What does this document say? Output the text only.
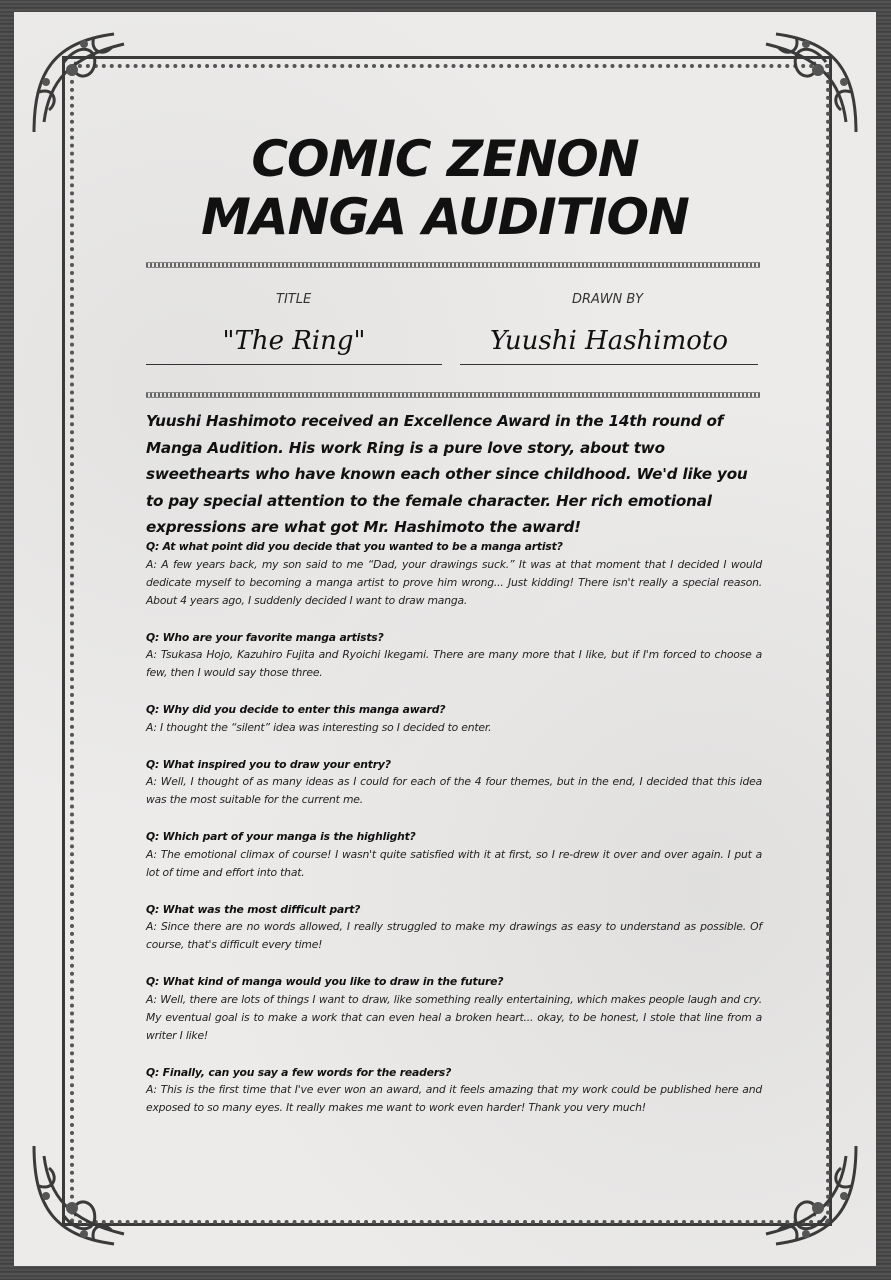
COMIC ZENON
MANGA AUDITION
TITLE	DRAWN BY
"The Ring"	Yuushi Hashimoto

Yuushi Hashimoto received an Excellence Award in the 14th round of Manga Audition. His work Ring is a pure love story, about two sweethearts who have known each other since childhood. We'd like you to pay special attention to the female character. Her rich emotional expressions are what got Mr. Hashimoto the award!

Q: At what point did you decide that you wanted to be a manga artist?
A: A few years back, my son said to me “Dad, your drawings suck.” It was at that moment that I decided I would dedicate myself to becoming a manga artist to prove him wrong... Just kidding! There isn't really a special reason. About 4 years ago, I suddenly decided I want to draw manga.
Q: Who are your favorite manga artists?
A: Tsukasa Hojo, Kazuhiro Fujita and Ryoichi Ikegami. There are many more that I like, but if I'm forced to choose a few, then I would say those three.
Q: Why did you decide to enter this manga award?
A: I thought the “silent” idea was interesting so I decided to enter.
Q: What inspired you to draw your entry?
A: Well, I thought of as many ideas as I could for each of the 4 four themes, but in the end, I decided that this idea was the most suitable for the current me.
Q: Which part of your manga is the highlight?
A: The emotional climax of course! I wasn't quite satisfied with it at first, so I re-drew it over and over again. I put a lot of time and effort into that.
Q: What was the most difficult part?
A: Since there are no words allowed, I really struggled to make my drawings as easy to understand as possible. Of course, that's difficult every time!
Q: What kind of manga would you like to draw in the future?
A: Well, there are lots of things I want to draw, like something really entertaining, which makes people laugh and cry. My eventual goal is to make a work that can even heal a broken heart... okay, to be honest, I stole that line from a writer I like!
Q: Finally, can you say a few words for the readers?
A: This is the first time that I've ever won an award, and it feels amazing that my work could be published here and exposed to so many eyes. It really makes me want to work even harder! Thank you very much!
